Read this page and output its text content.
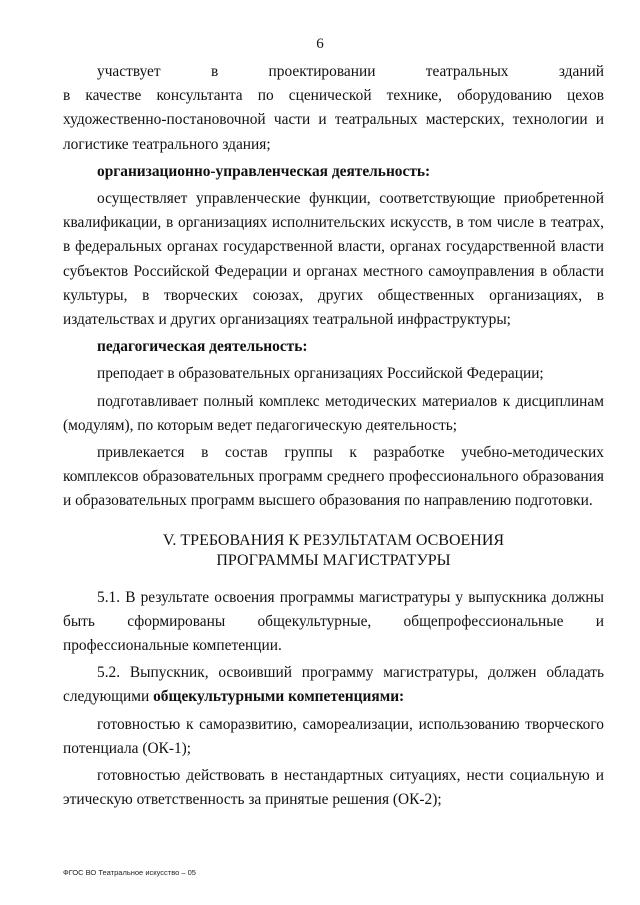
6

участвует в проектировании театральных зданий

в качестве консультанта по сценической технике, оборудованию цехов художественно-постановочной части и театральных мастерских, технологии и логистике театрального здания;

организационно-управленческая деятельность:

осуществляет управленческие функции, соответствующие приобретенной квалификации, в организациях исполнительских искусств, в том числе в театрах, в федеральных органах государственной власти, органах государственной власти субъектов Российской Федерации и органах местного самоуправления в области культуры, в творческих союзах, других общественных организациях, в издательствах и других организациях театральной инфраструктуры;

педагогическая деятельность:

преподает в образовательных организациях Российской Федерации;

подготавливает полный комплекс методических материалов к дисциплинам (модулям), по которым ведет педагогическую деятельность;

привлекается в состав группы к разработке учебно-методических комплексов образовательных программ среднего профессионального образования и образовательных программ высшего образования по направлению подготовки.

V. ТРЕБОВАНИЯ К РЕЗУЛЬТАТАМ ОСВОЕНИЯ
ПРОГРАММЫ МАГИСТРАТУРЫ

5.1. В результате освоения программы магистратуры у выпускника должны быть сформированы общекультурные, общепрофессиональные и профессиональные компетенции.

5.2. Выпускник, освоивший программу магистратуры, должен обладать следующими общекультурными компетенциями:

готовностью к саморазвитию, самореализации, использованию творческого потенциала (ОК-1);

готовностью действовать в нестандартных ситуациях, нести социальную и этическую ответственность за принятые решения (ОК-2);

ФГОС ВО Театральное искусство – 05
